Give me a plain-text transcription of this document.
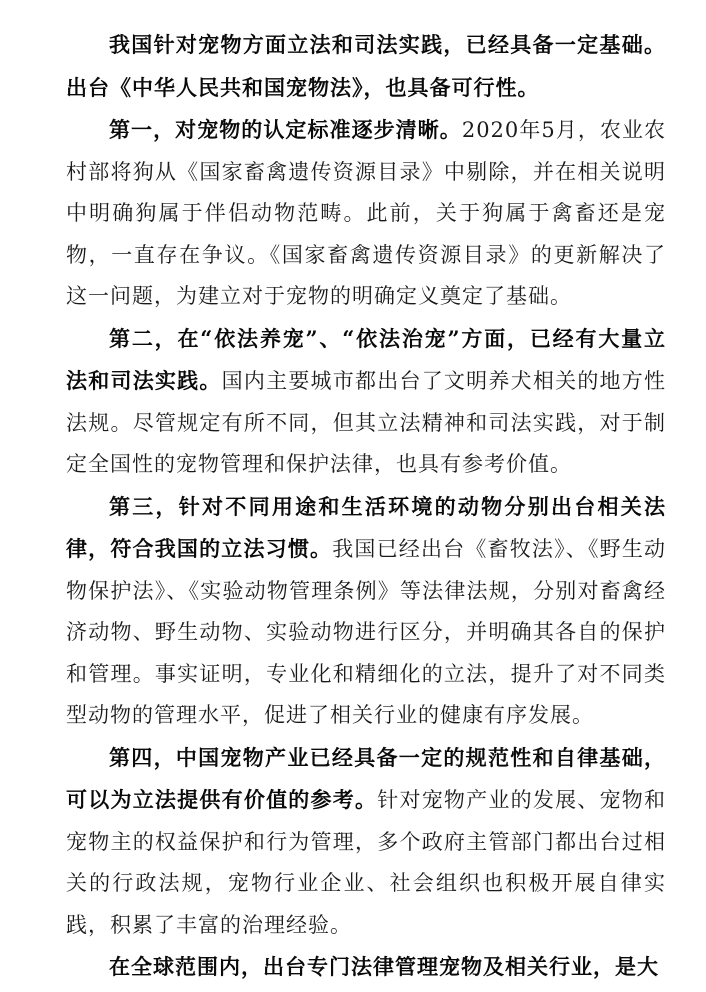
我国针对宠物方面立法和司法实践，已经具备一定基础。出台《中华人民共和国宠物法》，也具备可行性。

第一，对宠物的认定标准逐步清晰。2020年5月，农业农村部将狗从《国家畜禽遗传资源目录》中剔除，并在相关说明中明确狗属于伴侣动物范畴。此前，关于狗属于禽畜还是宠物，一直存在争议。《国家畜禽遗传资源目录》的更新解决了这一问题，为建立对于宠物的明确定义奠定了基础。

第二，在“依法养宠”、“依法治宠”方面，已经有大量立法和司法实践。国内主要城市都出台了文明养犬相关的地方性法规。尽管规定有所不同，但其立法精神和司法实践，对于制定全国性的宠物管理和保护法律，也具有参考价值。

第三，针对不同用途和生活环境的动物分别出台相关法律，符合我国的立法习惯。我国已经出台《畜牧法》、《野生动物保护法》、《实验动物管理条例》等法律法规，分别对畜禽经济动物、野生动物、实验动物进行区分，并明确其各自的保护和管理。事实证明，专业化和精细化的立法，提升了对不同类型动物的管理水平，促进了相关行业的健康有序发展。

第四，中国宠物产业已经具备一定的规范性和自律基础，可以为立法提供有价值的参考。针对宠物产业的发展、宠物和宠物主的权益保护和行为管理，多个政府主管部门都出台过相关的行政法规，宠物行业企业、社会组织也积极开展自律实践，积累了丰富的治理经验。

在全球范围内，出台专门法律管理宠物及相关行业，是大
